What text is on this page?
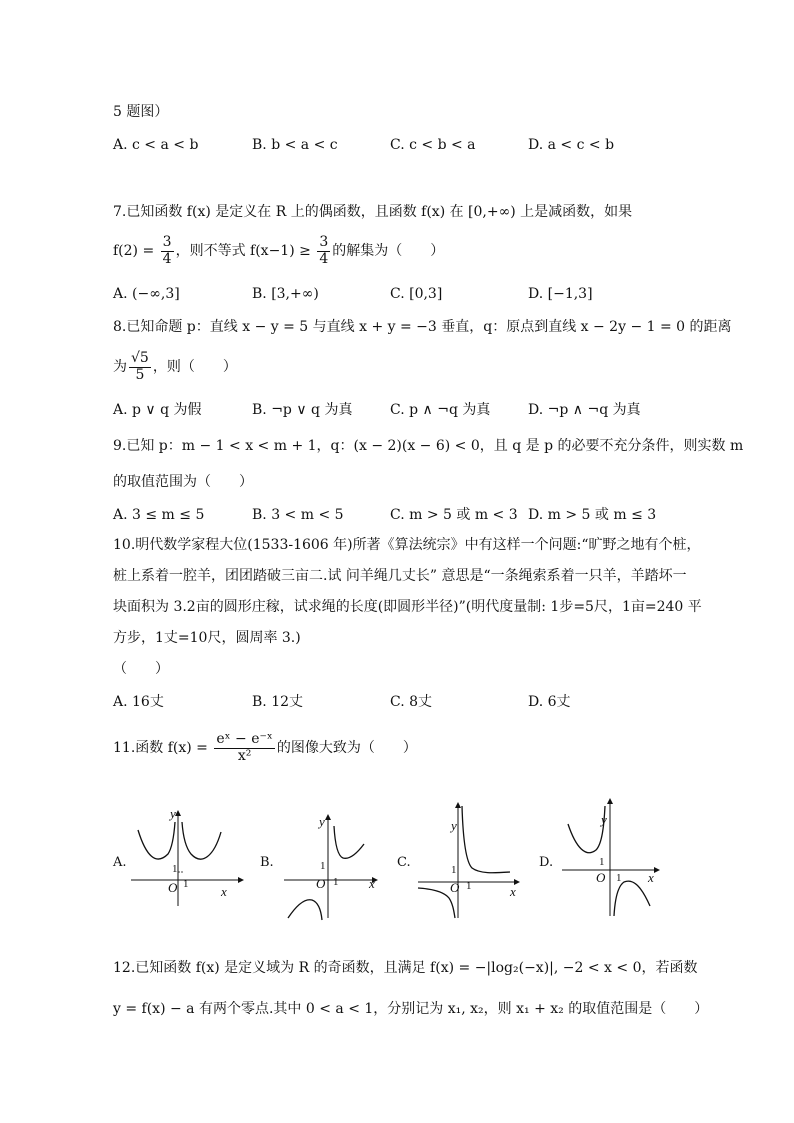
5 题图）
A. c < a < b	B. b < a < c	C. c < b < a	D. a < c < b
7.已知函数 f(x) 是定义在 R 上的偶函数，且函数 f(x) 在 [0,+∞) 上是减函数，如果
$f(2) = \frac{3}{4}$ ，则不等式 $f(x-1) \ge \frac{3}{4}$ 的解集为（　　）
A. (−∞,3]	B. [3,+∞)	C. [0,3]	D. [−1,3]
8.已知命题 p：直线 x − y = 5 与直线 x + y = −3 垂直，q：原点到直线 x − 2y − 1 = 0 的距离
为 $\frac{√5}{5}$ ，则（　　）
A. p ∨ q 为假	B. ¬p ∨ q 为真	C. p ∧ ¬q 为真	D. ¬p ∧ ¬q 为真
9.已知 p：m − 1 < x < m + 1，q：(x − 2)(x − 6) < 0，且 q 是 p 的必要不充分条件，则实数 m
的取值范围为（　　）
A. 3 ≤ m ≤ 5	B. 3 < m < 5	C. m > 5 或 m < 3 D. m > 5 或 m ≤ 3
10.明代数学家程大位(1533-1606 年)所著《算法统宗》中有这样一个问题:“旷野之地有个桩，
桩上系着一腔羊，团团踏破三亩二.试 问羊绳几丈长” 意思是“一条绳索系着一只羊，羊踏坏一
块面积为 3.2亩的圆形庄稼，试求绳的长度(即圆形半径)”(明代度量制: 1步=5尺，1亩=240 平
方步，1丈=10尺，圆周率 3.)
（　　）
A. 16丈	B. 12丈	C. 8丈	D. 6丈
11.函数 $f(x) = \frac{\text{eˣ − e⁻ˣ}}{\text{x²}}$ 的图像大致为（　　）
A.
y
x
O
1
1
B.
y
x
O
1
1
C.
y
x
O
1
1
D.
y
x
O
1
1
12.已知函数 f(x) 是定义域为 R 的奇函数，且满足 f(x) = −|log₂(−x)|, −2 < x < 0，若函数
y = f(x) − a 有两个零点.其中 0 < a < 1，分别记为 x₁, x₂，则 x₁ + x₂ 的取值范围是（　　）
